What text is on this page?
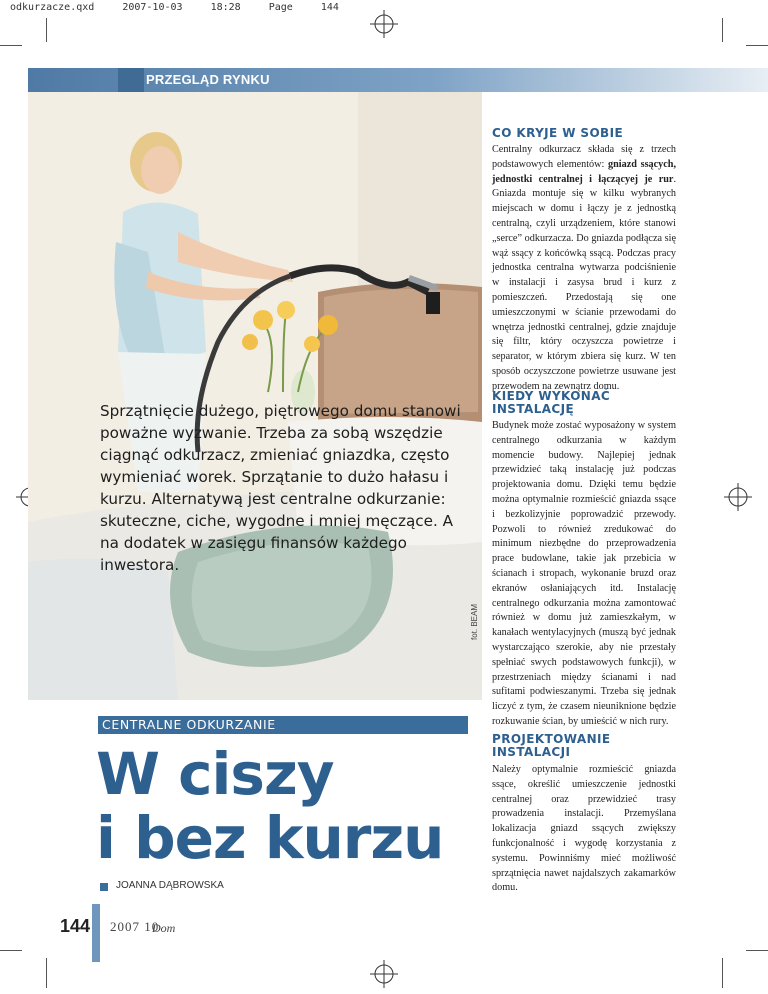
odkurzacze.qxd	2007-10-03	18:28	Page 144
PRZEGLĄD RYNKU
fot. BEAM
Sprzątnięcie dużego, piętrowego domu stanowi poważne wyzwanie. Trzeba za sobą wszędzie ciągnąć odkurzacz, zmieniać gniazdka, często wymieniać worek. Sprzątanie to dużo hałasu i kurzu. Alternatywą jest centralne odkurzanie: skuteczne, ciche, wygodne i mniej męczące. A na dodatek w zasięgu finansów każdego inwestora.
CO KRYJE W SOBIE
Centralny odkurzacz składa się z trzech podstawowych elementów: gniazd ssących, jednostki centralnej i łączącyej je rur. Gniazda montuje się w kilku wybranych miejscach w domu i łączy je z jednostką centralną, czyli urządzeniem, które stanowi „serce” odkurzacza. Do gniazda podłącza się wąż ssący z końcówką ssącą. Podczas pracy jednostka centralna wytwarza podciśnienie w instalacji i zasysa brud i kurz z pomieszczeń. Przedostają się one umieszczonymi w ścianie przewodami do wnętrza jednostki centralnej, gdzie znajduje się filtr, który oczyszcza powietrze i separator, w którym zbiera się kurz. W ten sposób oczyszczone powietrze usuwane jest przewodem na zewnątrz domu.
KIEDY WYKONAĆ INSTALACJĘ
Budynek może zostać wyposażony w system centralnego odkurzania w każdym momencie budowy. Najlepiej jednak przewidzieć taką instalację już podczas projektowania domu. Dzięki temu będzie można optymalnie rozmieścić gniazda ssące i bezkolizyjnie poprowadzić przewody. Pozwoli to również zredukować do minimum niezbędne do przeprowadzenia prace budowlane, takie jak przebicia w ścianach i stropach, wykonanie bruzd oraz ekranów osłaniających itd. Instalację centralnego odkurzania można zamontować również w domu już zamieszkałym, w kanałach wentylacyjnych (muszą być jednak wystarczająco szerokie, aby nie przestały spełniać swych podstawowych funkcji), w przestrzeniach między ścianami i nad sufitami podwieszanymi. Trzeba się jednak liczyć z tym, że czasem nieuniknione będzie rozkuwanie ścian, by umieścić w nich rury.
PROJEKTOWANIE INSTALACJI
Należy optymalnie rozmieścić gniazda ssące, określić umieszczenie jednostki centralnej oraz przewidzieć trasy prowadzenia instalacji. Przemyślana lokalizacja gniazd ssących zwiększy funkcjonalność i wygodę korzystania z systemu. Powinniśmy mieć możliwość sprzątnięcia nawet najdalszych zakamarków domu.
CENTRALNE ODKURZANIE
W ciszy
i bez kurzu
JOANNA DĄBROWSKA
144 2007 10
Dom
